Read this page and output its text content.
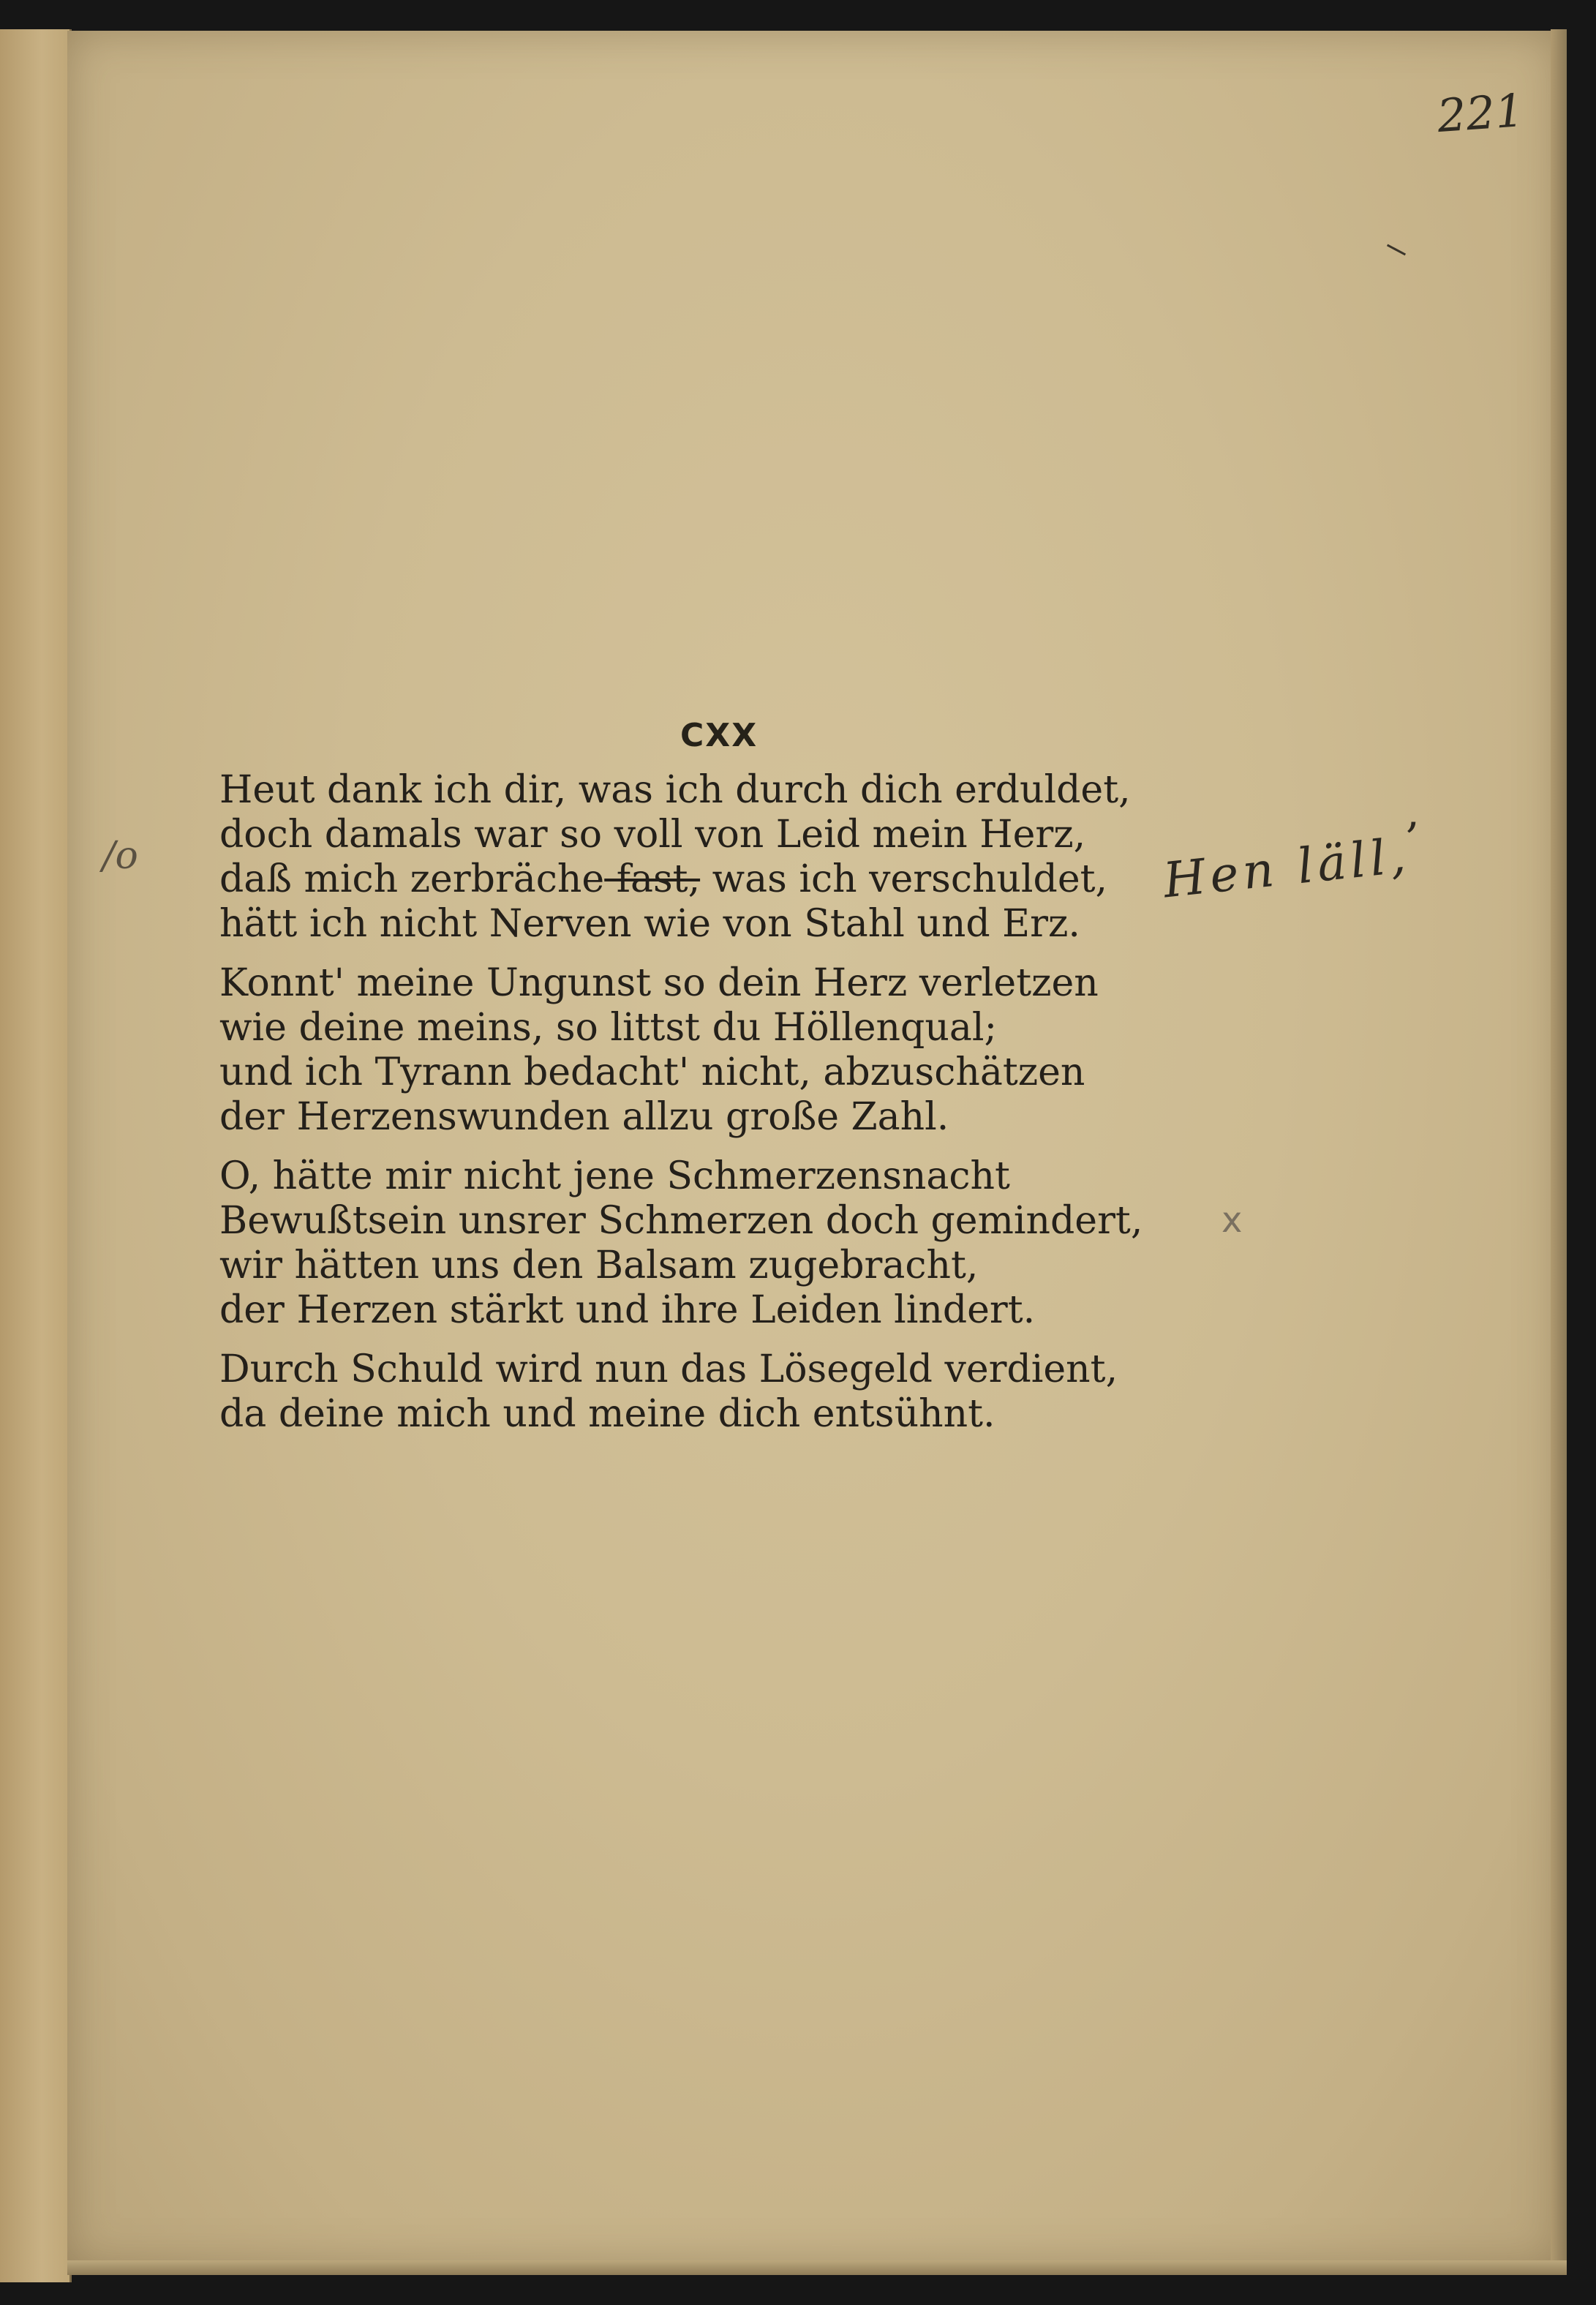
221
CXX
Heut dank ich dir, was ich durch dich erduldet,
doch damals war so voll von Leid mein Herz,
daß mich zerbräche fast, was ich verschuldet,
hätt ich nicht Nerven wie von Stahl und Erz.
Konnt' meine Ungunst so dein Herz verletzen
wie deine meins, so littst du Höllenqual;
und ich Tyrann bedacht' nicht, abzuschätzen
der Herzenswunden allzu große Zahl.
O, hätte mir nicht jene Schmerzensnacht
Bewußtsein unsrer Schmerzen doch gemindert,
wir hätten uns den Balsam zugebracht,
der Herzen stärkt und ihre Leiden lindert.
Durch Schuld wird nun das Lösegeld verdient,
da deine mich und meine dich entsühnt.
,
Hen läll,
/o
x
